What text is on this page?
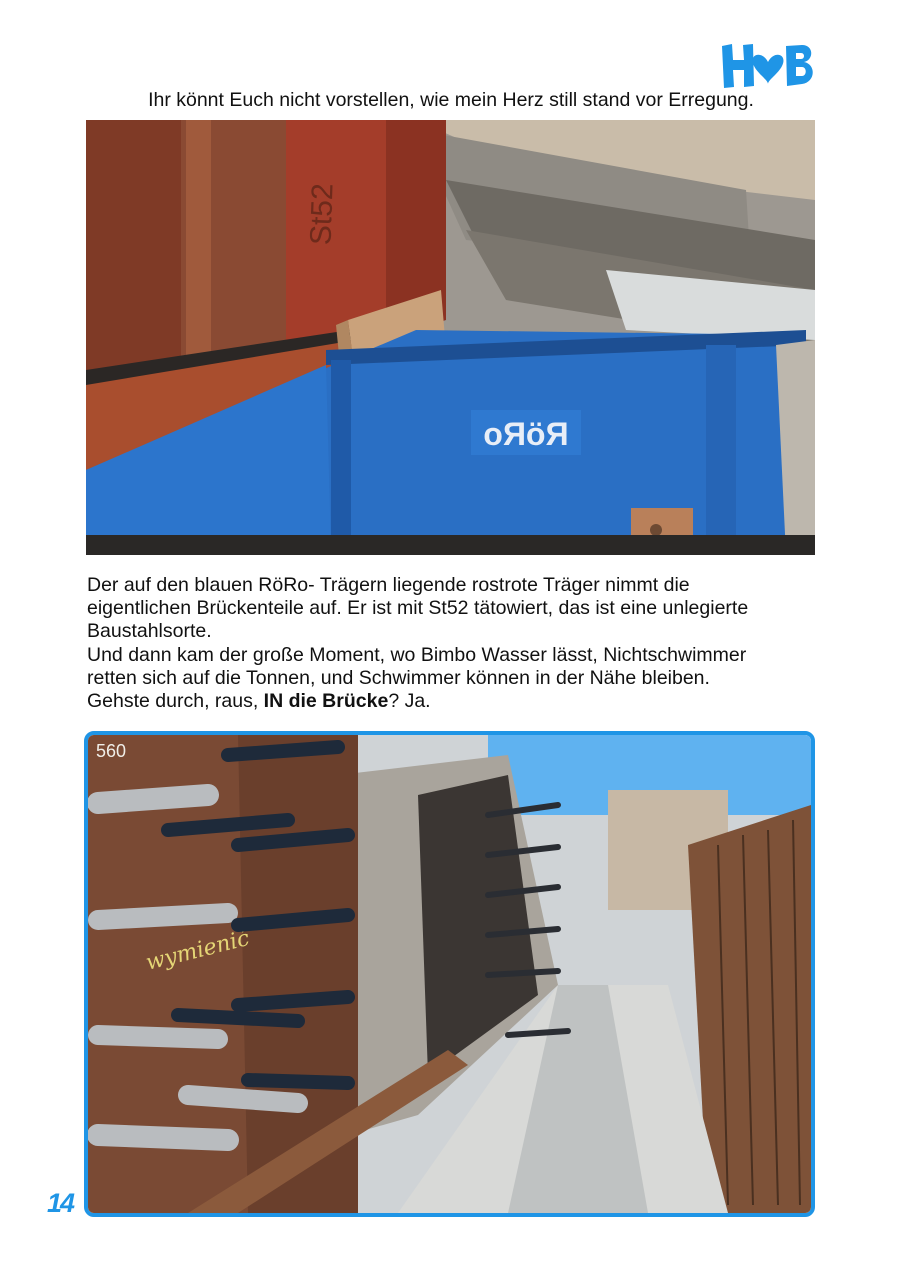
Ihr könnt Euch nicht vorstellen, wie mein Herz still stand vor Erregung.
St52
RöRo

Der auf den blauen RöRo- Trägern liegende rostrote Träger nimmt die

eigentlichen Brückenteile auf. Er ist mit St52 tätowiert, das ist eine unlegierte

Baustahlsorte.

Und dann kam der große Moment, wo Bimbo Wasser lässt, Nichtschwimmer

retten sich auf die Tonnen, und Schwimmer können in der Nähe bleiben.

Gehste durch, raus, IN die Brücke? Ja.

560
wymienić
14
